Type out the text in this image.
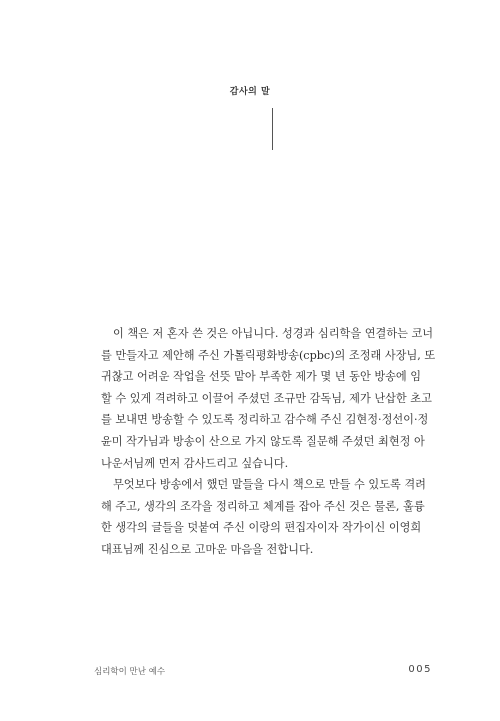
감사의 말

이 책은 저 혼자 쓴 것은 아닙니다. 성경과 심리학을 연결하는 코너
를 만들자고 제안해 주신 가톨릭평화방송(cpbc)의 조정래 사장님, 또
귀찮고 어려운 작업을 선뜻 맡아 부족한 제가 몇 년 동안 방송에 임
할 수 있게 격려하고 이끌어 주셨던 조규만 감독님, 제가 난삽한 초고
를 보내면 방송할 수 있도록 정리하고 감수해 주신 김현정·정선이·정
윤미 작가님과 방송이 산으로 가지 않도록 질문해 주셨던 최현정 아
나운서님께 먼저 감사드리고 싶습니다.

무엇보다 방송에서 했던 말들을 다시 책으로 만들 수 있도록 격려
해 주고, 생각의 조각을 정리하고 체계를 잡아 주신 것은 물론, 훌륭
한 생각의 글들을 덧붙여 주신 이랑의 편집자이자 작가이신 이영희
대표님께 진심으로 고마운 마음을 전합니다.

심리학이 만난 예수	005
